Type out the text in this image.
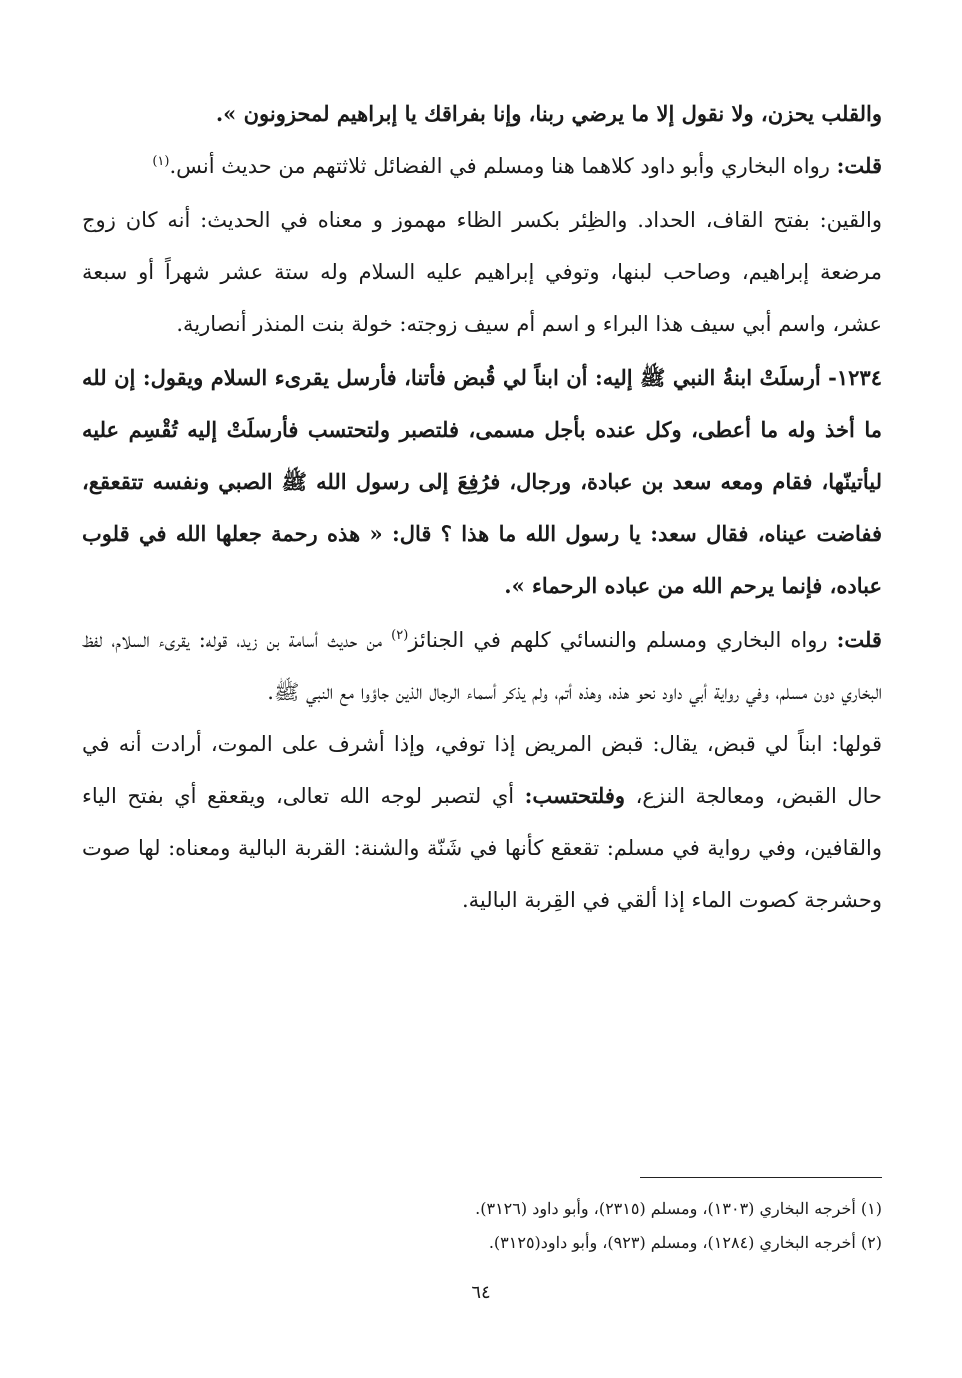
والقلب يحزن، ولا نقول إلا ما يرضي ربنا، وإنا بفراقك يا إبراهيم لمحزونون ».

قلت: رواه البخاري وأبو داود كلاهما هنا ومسلم في الفضائل ثلاثتهم من حديث أنس.$^{(١)}$

والقين: بفتح القاف، الحداد. والظِئر بكسر الظاء مهموز و معناه في الحديث: أنه كان زوج مرضعة إبراهيم، وصاحب لبنها، وتوفي إبراهيم عليه السلام وله ستة عشر شهراً أو سبعة عشر، واسم أبي سيف هذا البراء و اسم أم سيف زوجته: خولة بنت المنذر أنصارية.

١٢٣٤- أرسلَتْ ابنةُ النبي ﷺ إليه: أن ابناً لي قُبض فأتنا، فأرسل يقرىء السلام ويقول: إن لله ما أخذ وله ما أعطى، وكل عنده بأجل مسمى، فلتصبر ولتحتسب فأرسلَتْ إليه تُقْسِم عليه ليأتينّها، فقام ومعه سعد بن عبادة، ورجال، فرُفِعَ إلى رسول الله ﷺ الصبي ونفسه تتقعقع، ففاضت عيناه، فقال سعد: يا رسول الله ما هذا ؟ قال: « هذه رحمة جعلها الله في قلوب عباده، فإنما يرحم الله من عباده الرحماء ».

قلت: رواه البخاري ومسلم والنسائي كلهم في الجنائز$^{(٢)}$ من حديث أسامة بن زيد، قوله: يقرىء السلام، لفظ البخاري دون مسلم، وفي رواية أبي داود نحو هذه، وهذه أتم، ولم يذكر أسماء الرجال الذين جاؤوا مع النبي ﷺ.

قولها: ابناً لي قبض، يقال: قبض المريض إذا توفي، وإذا أشرف على الموت، أرادت أنه في حال القبض، ومعالجة النزع، وفلتحتسب: أي لتصبر لوجه الله تعالى، ويقعقع أي بفتح الياء والقافين، وفي رواية في مسلم: تقعقع كأنها في شَنّة والشنة: القربة البالية ومعناه: لها صوت وحشرجة كصوت الماء إذا ألقي في القِربة البالية.

(١) أخرجه البخاري (١٣٠٣)، ومسلم (٢٣١٥)، وأبو داود (٣١٢٦).

(٢) أخرجه البخاري (١٢٨٤)، ومسلم (٩٢٣)، وأبو داود(٣١٢٥).

٦٤
